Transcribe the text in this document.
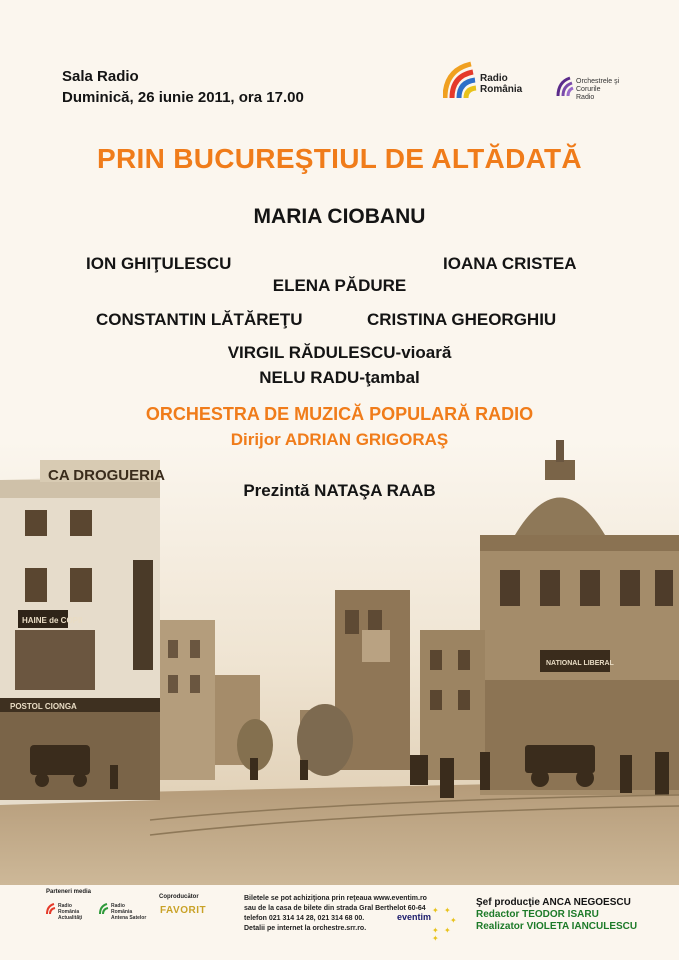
Sala Radio
Duminică, 26 iunie 2011, ora 17.00
Radio
România
Orchestrele şi
Corurile
Radio
PRIN BUCUREŞTIUL DE ALTĂDATĂ
MARIA CIOBANU
ION GHIŢULESCU	IOANA CRISTEA
ELENA PĂDURE
CONSTANTIN LĂTĂREŢU	CRISTINA GHEORGHIU
VIRGIL RĂDULESCU-vioară
NELU RADU-ţambal
CA DROGUERIA
HAINE de COPII
POSTOL CIONGA
NATIONAL LIBERAL
ORCHESTRA DE MUZICĂ POPULARĂ RADIO
Dirijor ADRIAN GRIGORAŞ
Prezintă NATAŞA RAAB
Parteneri media
Coproducător
Radio
România
Actualităţi
Radio
România
Antena Satelor
FAVORIT
Biletele se pot achiziţiona prin reţeaua www.eventim.ro
sau de la casa de bilete din strada Gral Berthelot 60-64
telefon 021 314 14 28, 021 314 68 00.
Detalii pe internet la orchestre.srr.ro.
eventim
✦ ✦
✦
✦
✦
✦
Şef producţie ANCA NEGOESCU
Redactor TEODOR ISARU
Realizator VIOLETA IANCULESCU
